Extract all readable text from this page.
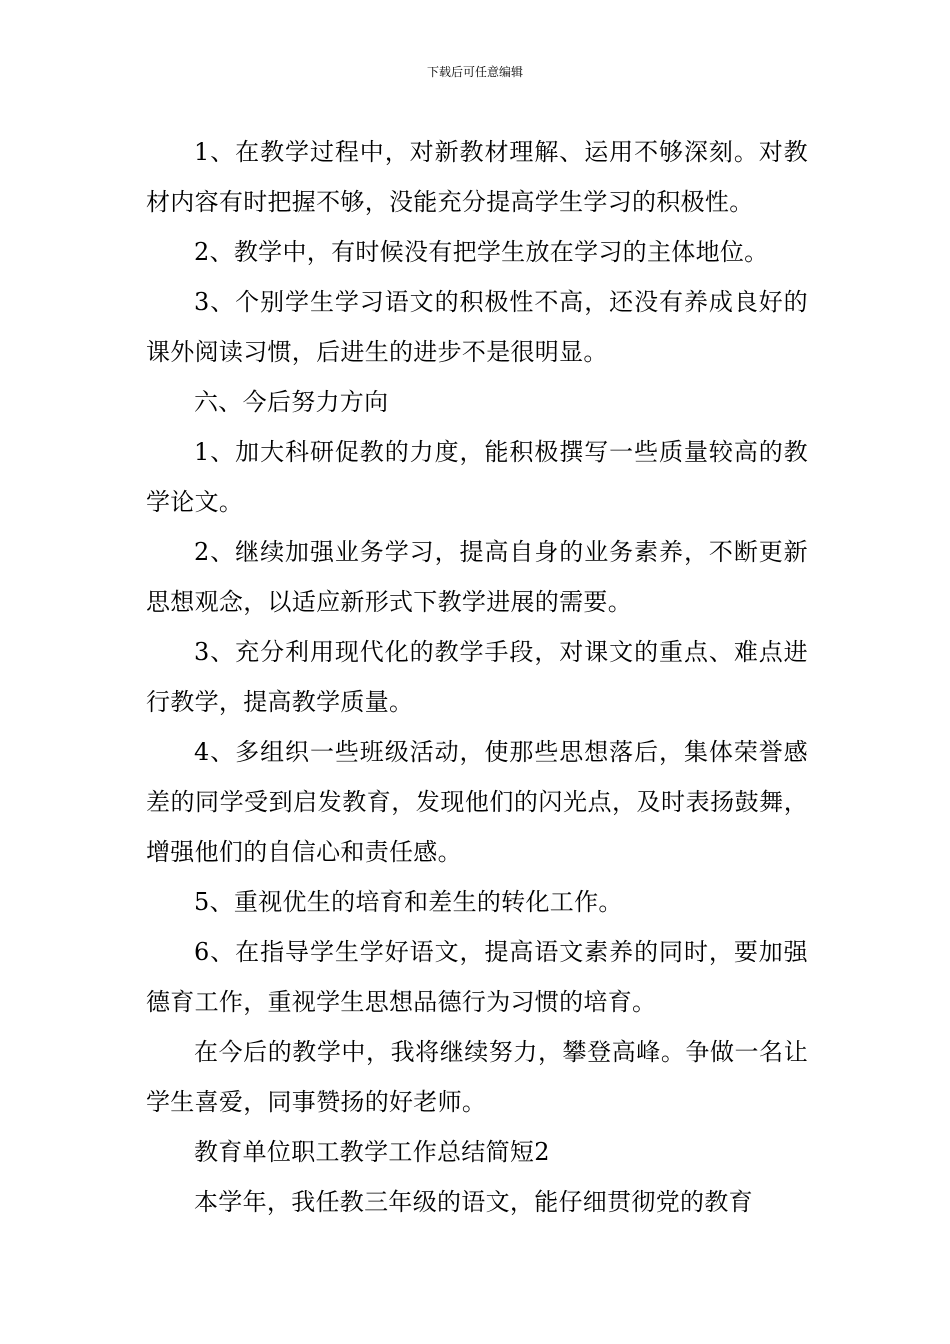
下载后可任意编辑

1、在教学过程中，对新教材理解、运用不够深刻。对教材内容有时把握不够，没能充分提高学生学习的积极性。

2、教学中，有时候没有把学生放在学习的主体地位。

3、个别学生学习语文的积极性不高，还没有养成良好的课外阅读习惯，后进生的进步不是很明显。

六、今后努力方向

1、加大科研促教的力度，能积极撰写一些质量较高的教学论文。

2、继续加强业务学习，提高自身的业务素养，不断更新思想观念，以适应新形式下教学进展的需要。

3、充分利用现代化的教学手段，对课文的重点、难点进行教学，提高教学质量。

4、多组织一些班级活动，使那些思想落后，集体荣誉感差的同学受到启发教育，发现他们的闪光点，及时表扬鼓舞，增强他们的自信心和责任感。

5、重视优生的培育和差生的转化工作。

6、在指导学生学好语文，提高语文素养的同时，要加强德育工作，重视学生思想品德行为习惯的培育。

在今后的教学中，我将继续努力，攀登高峰。争做一名让学生喜爱，同事赞扬的好老师。

教育单位职工教学工作总结简短2

本学年，我任教三年级的语文，能仔细贯彻党的教育
